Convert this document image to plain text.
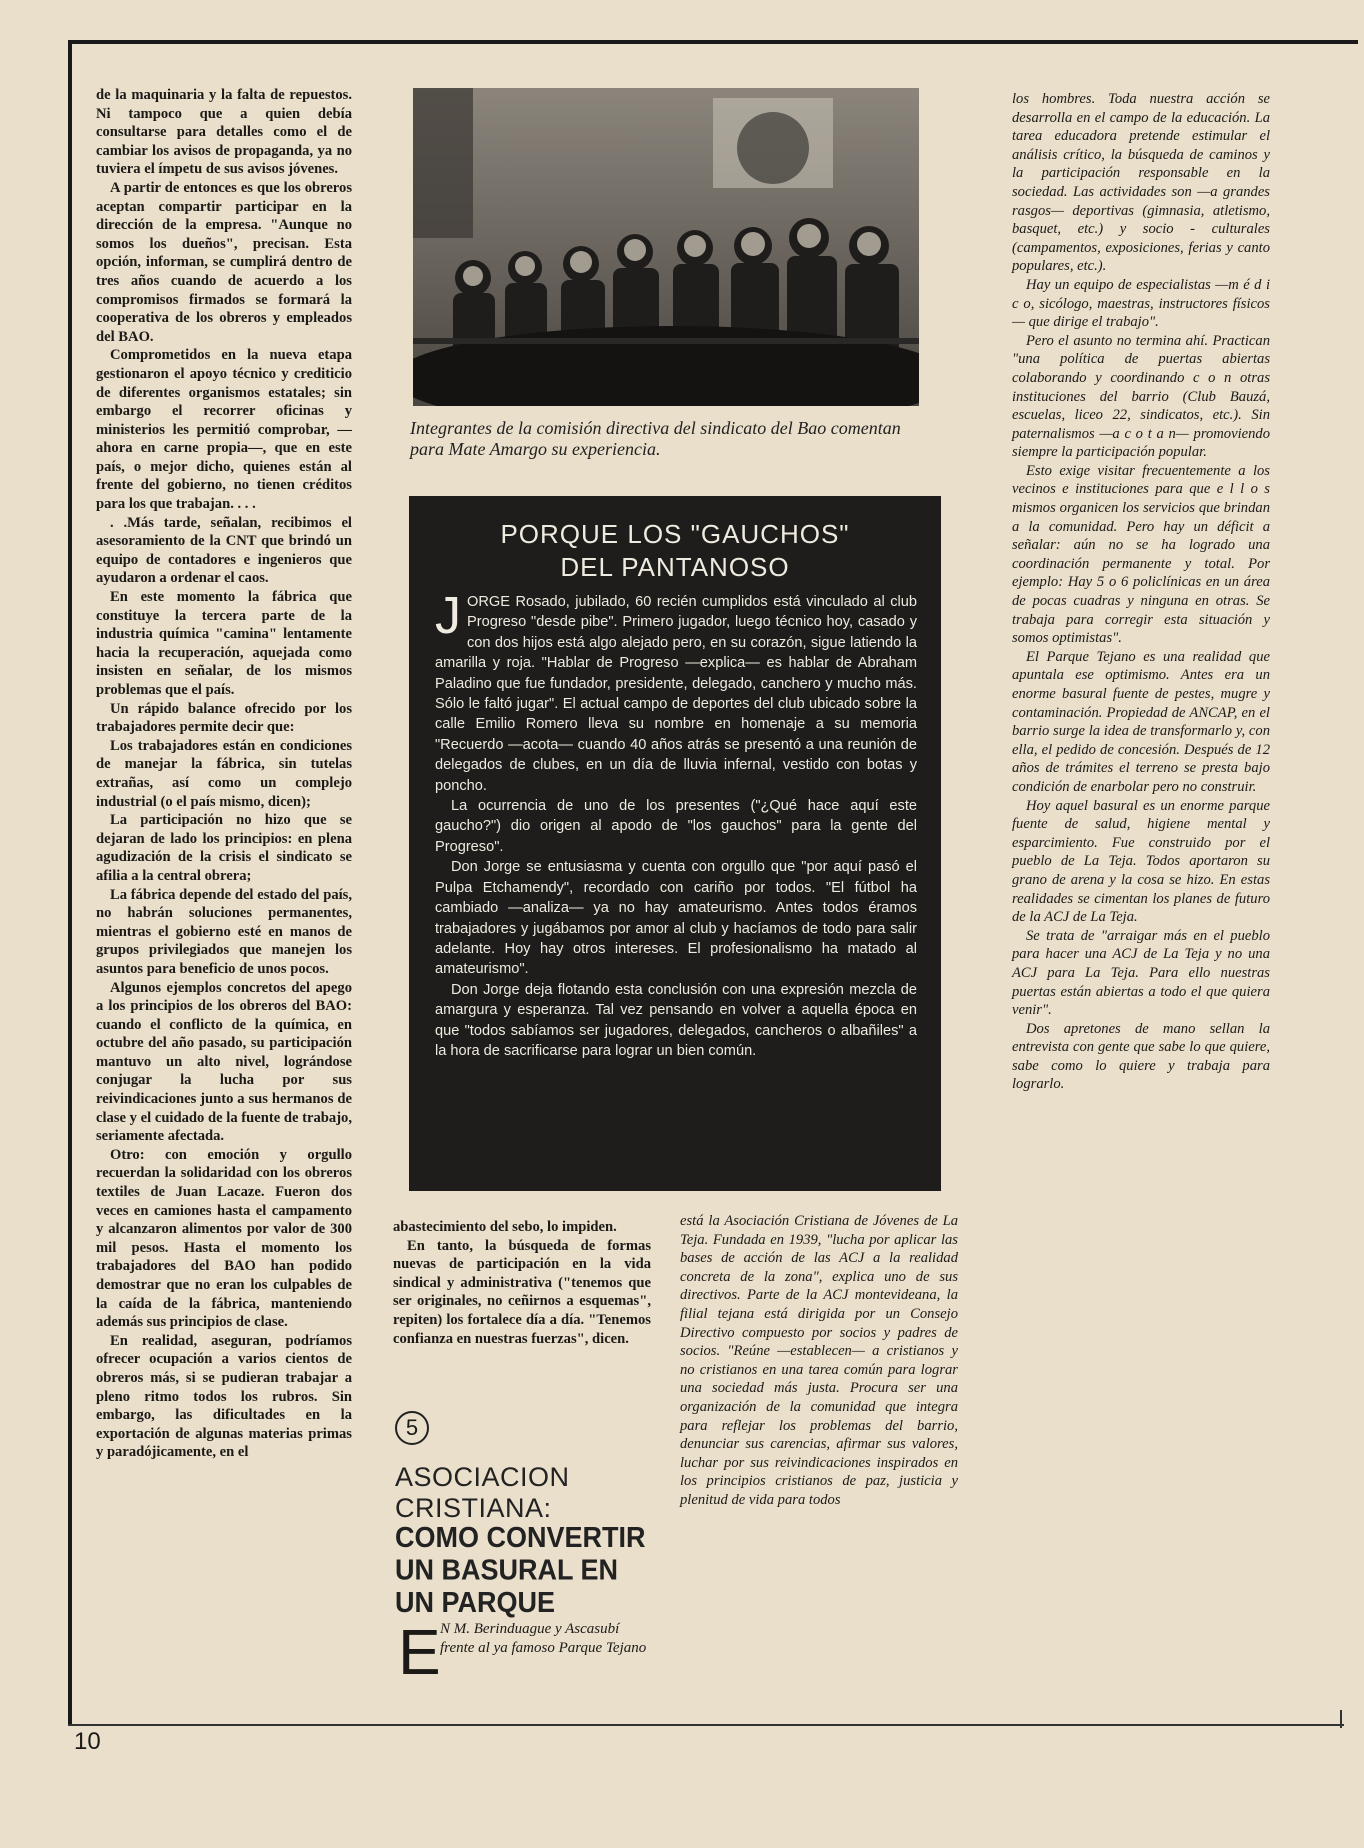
de la maquinaria y la falta de repuestos. Ni tampoco que a quien debía consultarse para detalles como el de cambiar los avisos de propaganda, ya no tuviera el ímpetu de sus avisos jóvenes.

A partir de entonces es que los obreros aceptan compartir participar en la dirección de la empresa. "Aunque no somos los dueños", precisan. Esta opción, informan, se cumplirá dentro de tres años cuando de acuerdo a los compromisos firmados se formará la cooperativa de los obreros y empleados del BAO.

Comprometidos en la nueva etapa gestionaron el apoyo técnico y crediticio de diferentes organismos estatales; sin embargo el recorrer oficinas y ministerios les permitió comprobar, —ahora en carne propia—, que en este país, o mejor dicho, quienes están al frente del gobierno, no tienen créditos para los que trabajan. . . .

. .Más tarde, señalan, recibimos el asesoramiento de la CNT que brindó un equipo de contadores e ingenieros que ayudaron a ordenar el caos.

En este momento la fábrica que constituye la tercera parte de la industria química "camina" lentamente hacia la recuperación, aquejada como insisten en señalar, de los mismos problemas que el país.

Un rápido balance ofrecido por los trabajadores permite decir que:

Los trabajadores están en condiciones de manejar la fábrica, sin tutelas extrañas, así como un complejo industrial (o el país mismo, dicen);

La participación no hizo que se dejaran de lado los principios: en plena agudización de la crisis el sindicato se afilia a la central obrera;

La fábrica depende del estado del país, no habrán soluciones permanentes, mientras el gobierno esté en manos de grupos privilegiados que manejen los asuntos para beneficio de unos pocos.

Algunos ejemplos concretos del apego a los principios de los obreros del BAO: cuando el conflicto de la química, en octubre del año pasado, su participación mantuvo un alto nivel, lográndose conjugar la lucha por sus reivindicaciones junto a sus hermanos de clase y el cuidado de la fuente de trabajo, seriamente afectada.

Otro: con emoción y orgullo recuerdan la solidaridad con los obreros textiles de Juan Lacaze. Fueron dos veces en camiones hasta el campamento y alcanzaron alimentos por valor de 300 mil pesos. Hasta el momento los trabajadores del BAO han podido demostrar que no eran los culpables de la caída de la fábrica, manteniendo además sus principios de clase.

En realidad, aseguran, podríamos ofrecer ocupación a varios cientos de obreros más, si se pudieran trabajar a pleno ritmo todos los rubros. Sin embargo, las dificultades en la exportación de algunas materias primas y paradójicamente, en el

Integrantes de la comisión directiva del sindicato del Bao comentan para Mate Amargo su experiencia.
PORQUE LOS "GAUCHOS"
DEL PANTANOSO

JORGE Rosado, jubilado, 60 recién cumplidos está vinculado al club Progreso "desde pibe". Primero jugador, luego técnico hoy, casado y con dos hijos está algo alejado pero, en su corazón, sigue latiendo la amarilla y roja. "Hablar de Progreso —explica— es hablar de Abraham Paladino que fue fundador, presidente, delegado, canchero y mucho más. Sólo le faltó jugar". El actual campo de deportes del club ubicado sobre la calle Emilio Romero lleva su nombre en homenaje a su memoria "Recuerdo —acota— cuando 40 años atrás se presentó a una reunión de delegados de clubes, en un día de lluvia infernal, vestido con botas y poncho.

La ocurrencia de uno de los presentes ("¿Qué hace aquí este gaucho?") dio origen al apodo de "los gauchos" para la gente del Progreso".

Don Jorge se entusiasma y cuenta con orgullo que "por aquí pasó el Pulpa Etchamendy", recordado con cariño por todos. "El fútbol ha cambiado —analiza— ya no hay amateurismo. Antes todos éramos trabajadores y jugábamos por amor al club y hacíamos de todo para salir adelante. Hoy hay otros intereses. El profesionalismo ha matado al amateurismo".

Don Jorge deja flotando esta conclusión con una expresión mezcla de amargura y esperanza. Tal vez pensando en volver a aquella época en que "todos sabíamos ser jugadores, delegados, cancheros o albañiles" a la hora de sacrificarse para lograr un bien común.

abastecimiento del sebo, lo impiden.

En tanto, la búsqueda de formas nuevas de participación en la vida sindical y administrativa ("tenemos que ser originales, no ceñirnos a esquemas", repiten) los fortalece día a día. "Tenemos confianza en nuestras fuerzas", dicen.

5
ASOCIACION CRISTIANA:
COMO CONVERTIR UN BASURAL EN UN PARQUE
E N M. Berinduague y Ascasubí frente al ya famoso Parque Tejano

está la Asociación Cristiana de Jóvenes de La Teja. Fundada en 1939, "lucha por aplicar las bases de acción de las ACJ a la realidad concreta de la zona", explica uno de sus directivos. Parte de la ACJ montevideana, la filial tejana está dirigida por un Consejo Directivo compuesto por socios y padres de socios. "Reúne —establecen— a cristianos y no cristianos en una tarea común para lograr una sociedad más justa. Procura ser una organización de la comunidad que integra para reflejar los problemas del barrio, denunciar sus carencias, afirmar sus valores, luchar por sus reivindicaciones inspirados en los principios cristianos de paz, justicia y plenitud de vida para todos

los hombres. Toda nuestra acción se desarrolla en el campo de la educación. La tarea educadora pretende estimular el análisis crítico, la búsqueda de caminos y la participación responsable en la sociedad. Las actividades son —a grandes rasgos— deportivas (gimnasia, atletismo, basquet, etc.) y socio - culturales (campamentos, exposiciones, ferias y canto populares, etc.).

Hay un equipo de especialistas —m é d i c o, sicólogo, maestras, instructores físicos— que dirige el trabajo".

Pero el asunto no termina ahí. Practican "una política de puertas abiertas colaborando y coordinando c o n otras instituciones del barrio (Club Bauzá, escuelas, liceo 22, sindicatos, etc.). Sin paternalismos —a c o t a n— promoviendo siempre la participación popular.

Esto exige visitar frecuentemente a los vecinos e instituciones para que e l l o s mismos organicen los servicios que brindan a la comunidad. Pero hay un déficit a señalar: aún no se ha logrado una coordinación permanente y total. Por ejemplo: Hay 5 o 6 policlínicas en un área de pocas cuadras y ninguna en otras. Se trabaja para corregir esta situación y somos optimistas".

El Parque Tejano es una realidad que apuntala ese optimismo. Antes era un enorme basural fuente de pestes, mugre y contaminación. Propiedad de ANCAP, en el barrio surge la idea de transformarlo y, con ella, el pedido de concesión. Después de 12 años de trámites el terreno se presta bajo condición de enarbolar pero no construir.

Hoy aquel basural es un enorme parque fuente de salud, higiene mental y esparcimiento. Fue construido por el pueblo de La Teja. Todos aportaron su grano de arena y la cosa se hizo. En estas realidades se cimentan los planes de futuro de la ACJ de La Teja.

Se trata de "arraigar más en el pueblo para hacer una ACJ de La Teja y no una ACJ para La Teja. Para ello nuestras puertas están abiertas a todo el que quiera venir".

Dos apretones de mano sellan la entrevista con gente que sabe lo que quiere, sabe como lo quiere y trabaja para lograrlo.

10
